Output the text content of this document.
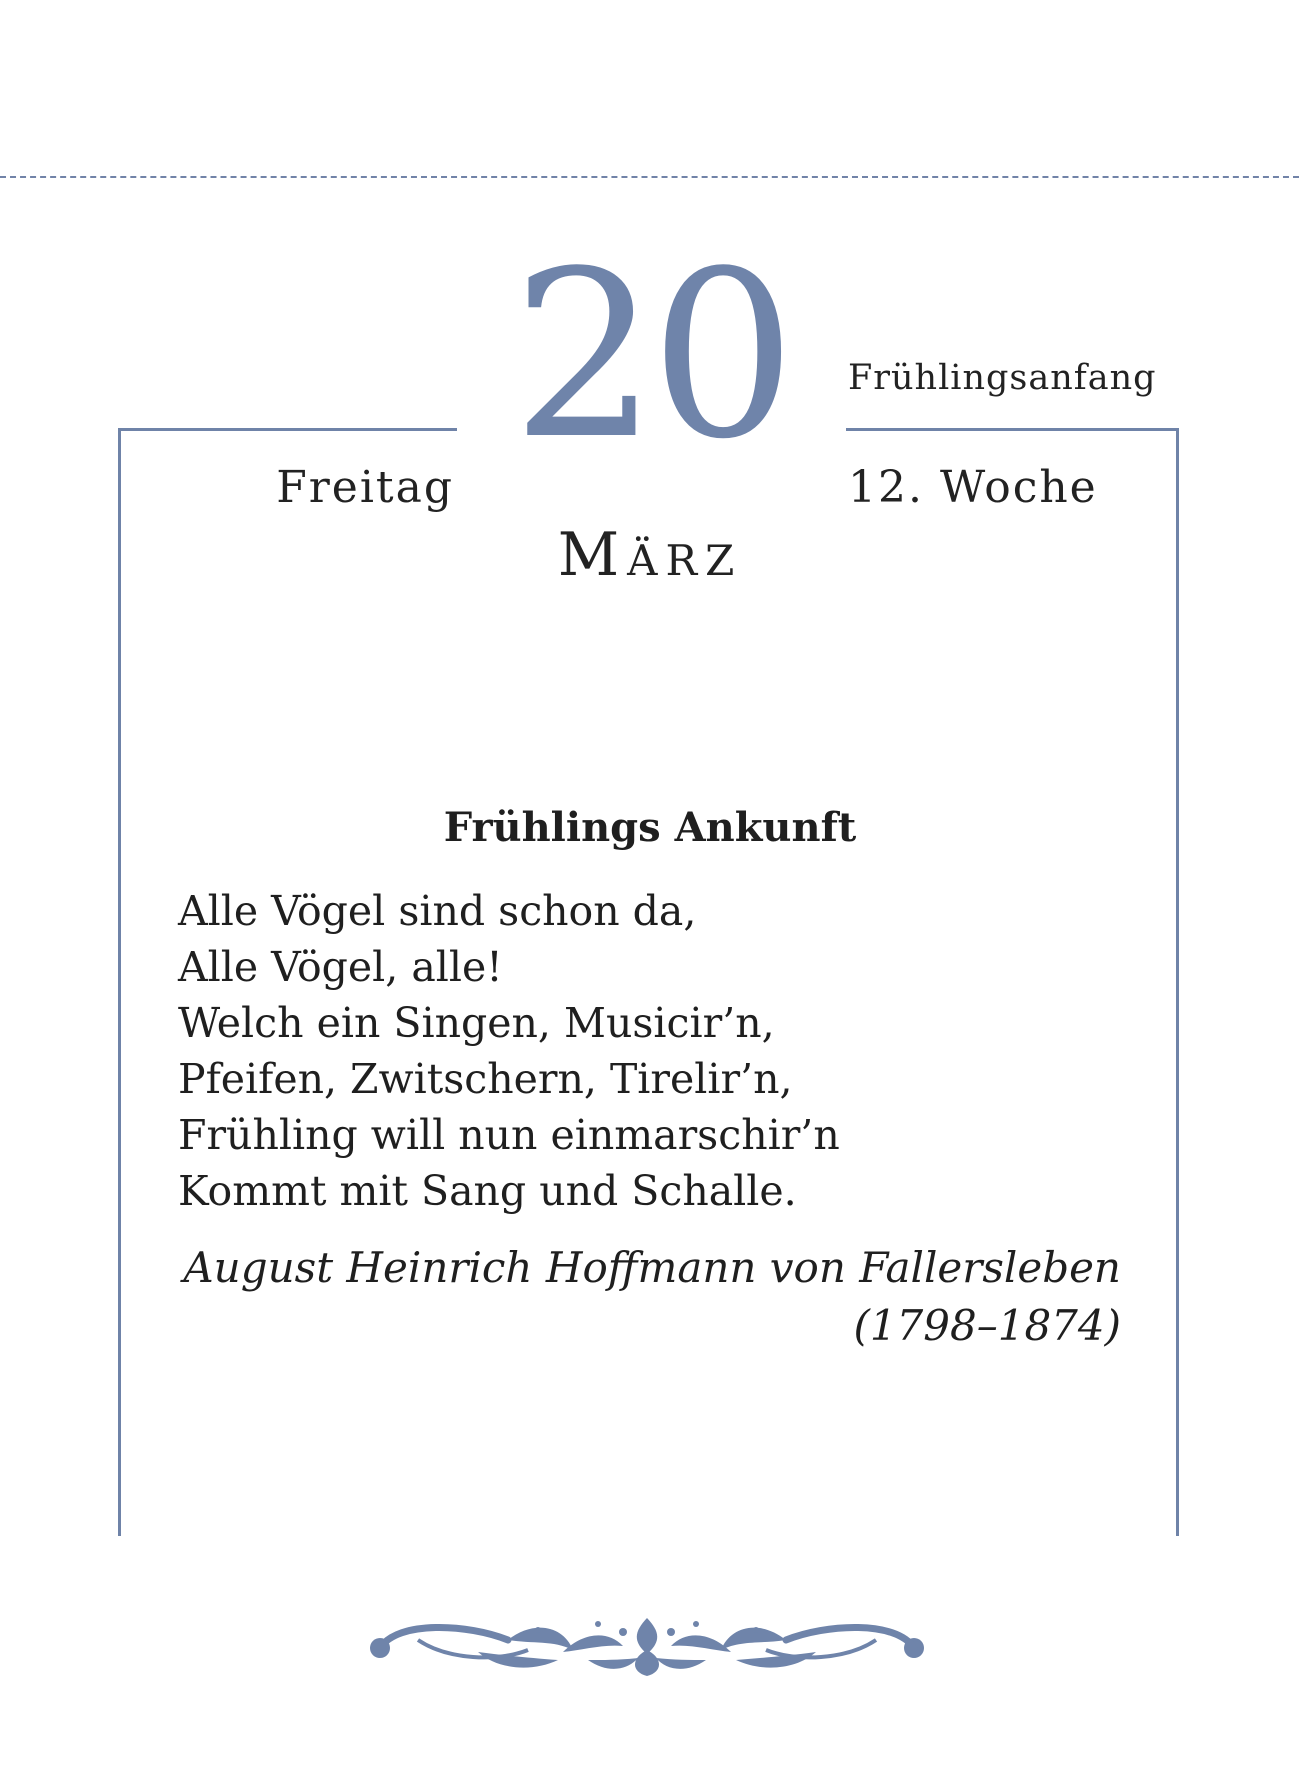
20	Frühlingsanfang
Freitag	12. Woche
März
Frühlings Ankunft
Alle Vögel sind schon da,
Alle Vögel, alle!
Welch ein Singen, Musicir’n,
Pfeifen, Zwitschern, Tirelir’n,
Frühling will nun einmarschir’n
Kommt mit Sang und Schalle.
August Heinrich Hoffmann von Fallersleben
(1798–1874)
